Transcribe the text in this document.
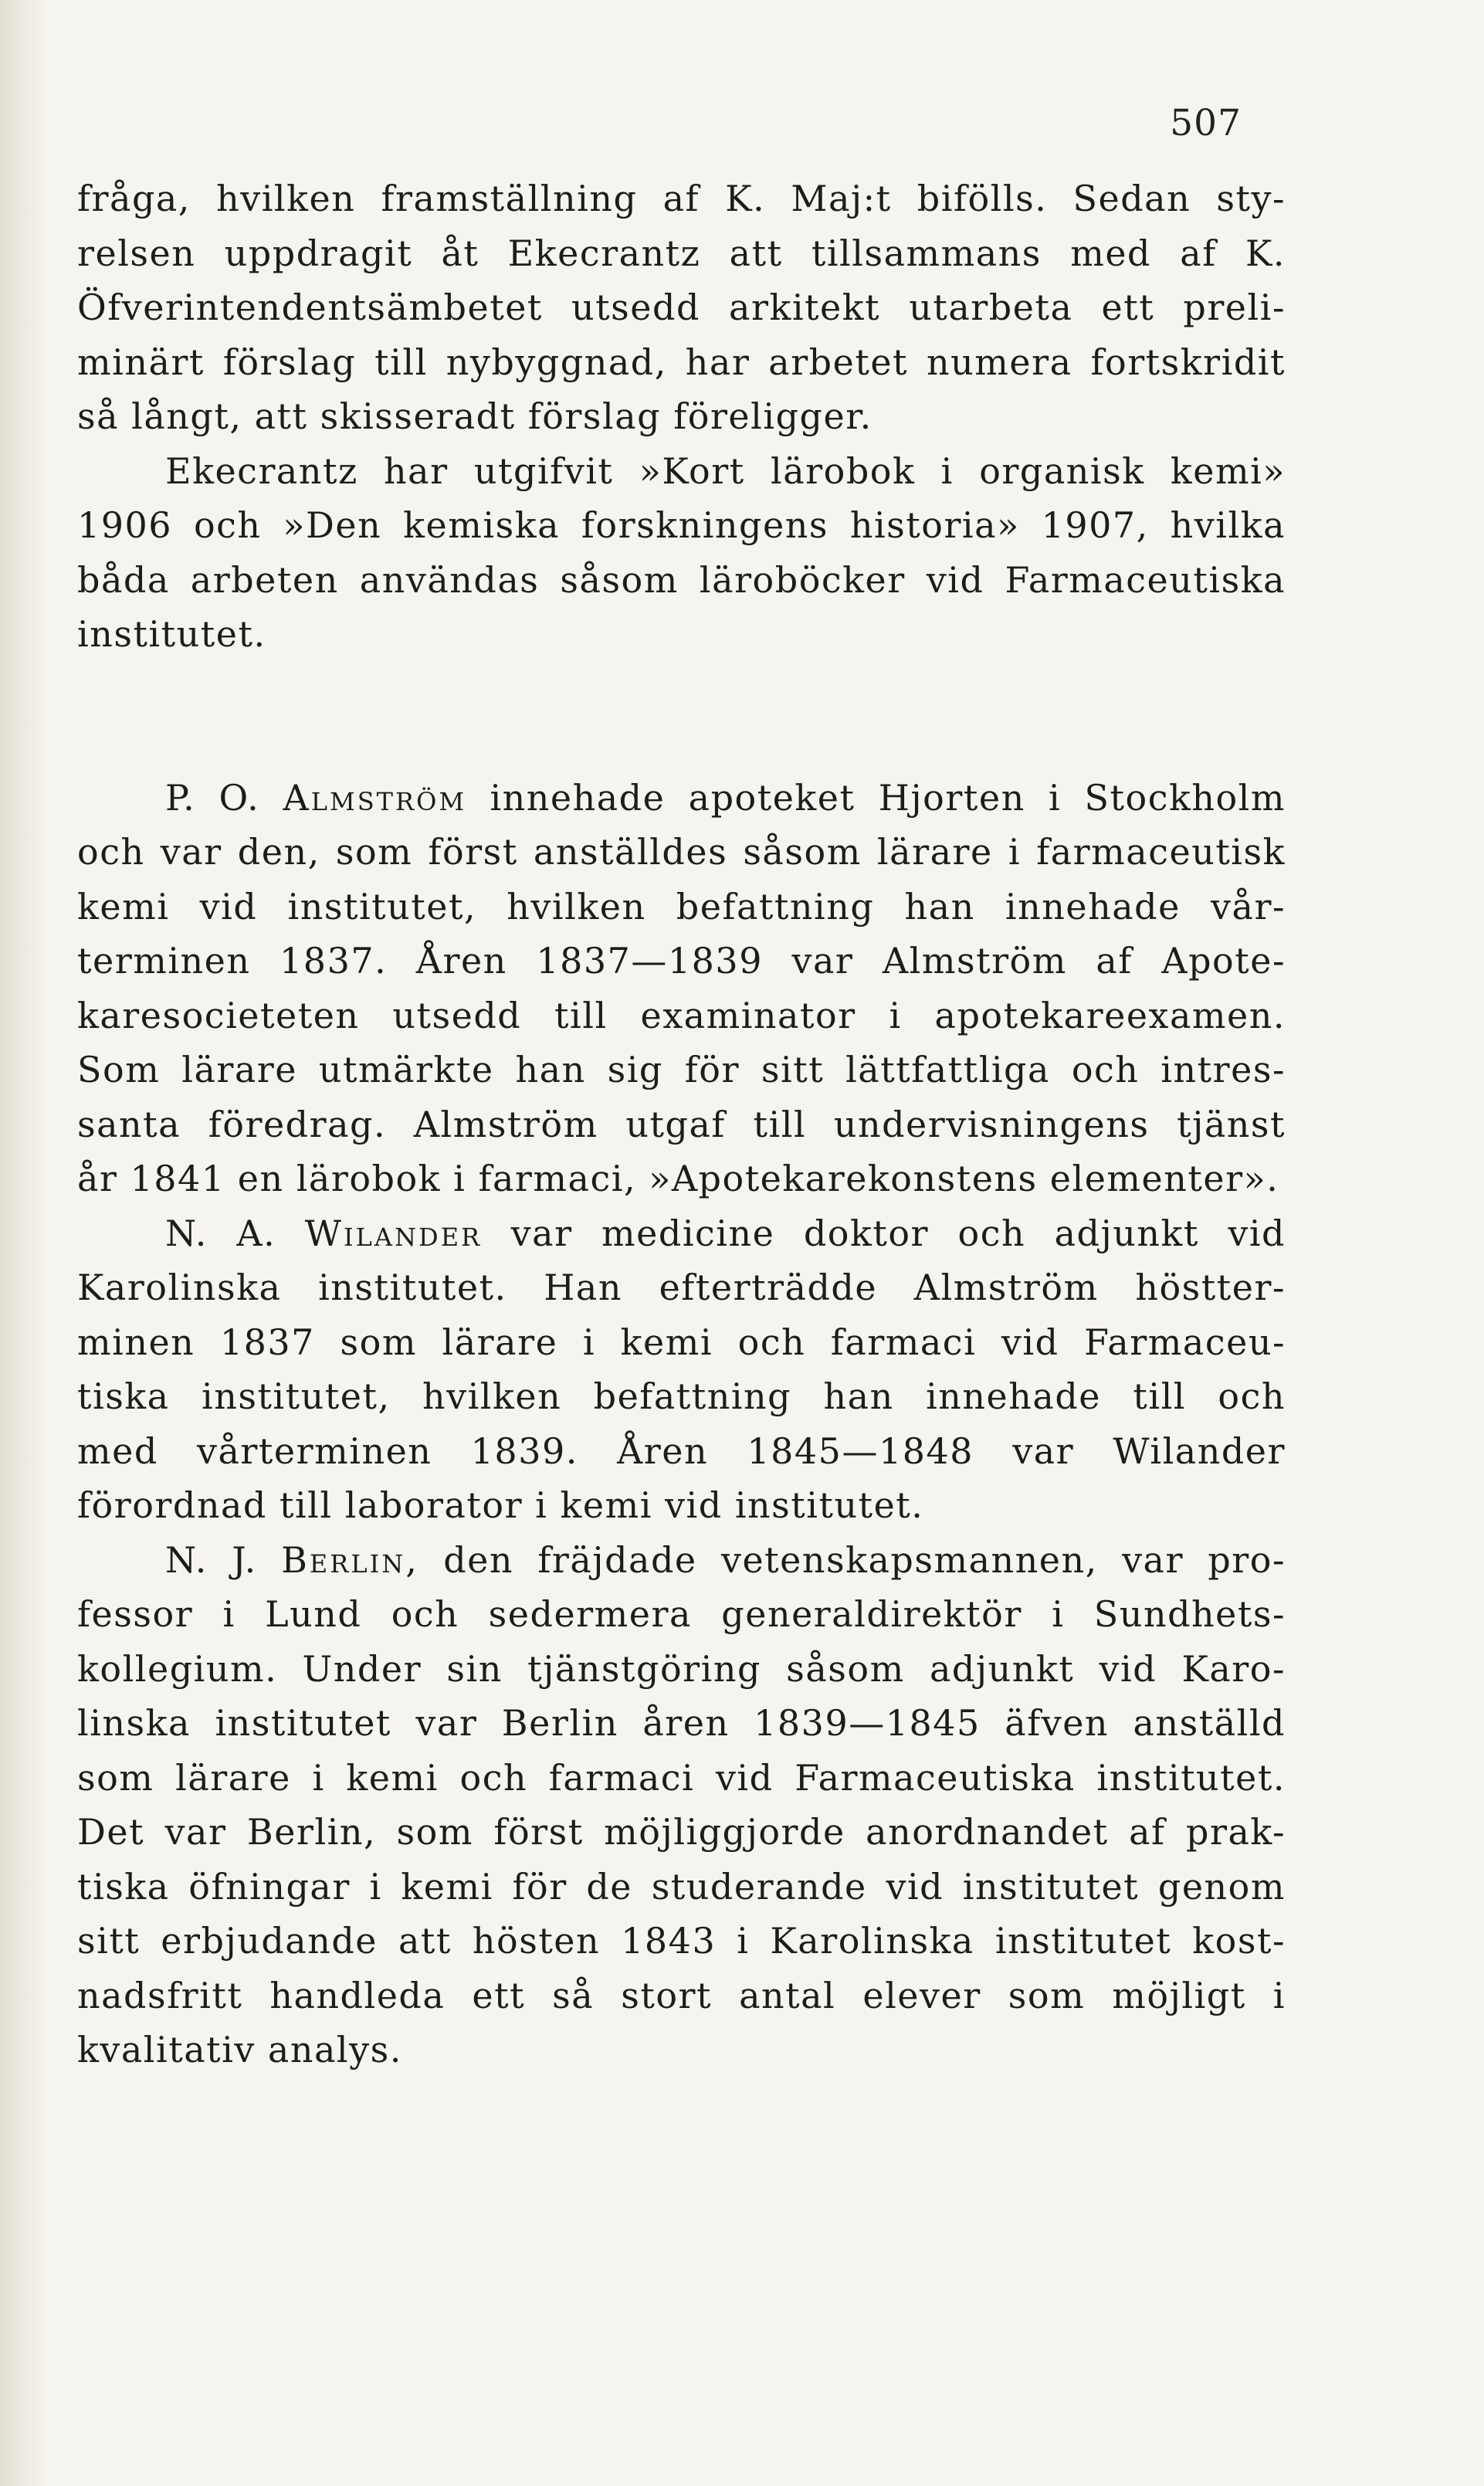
507
fråga, hvilken framställning af K. Maj:t bifölls. Sedan sty-
relsen uppdragit åt Ekecrantz att tillsammans med af K.
Öfverintendentsämbetet utsedd arkitekt utarbeta ett preli-
minärt förslag till nybyggnad, har arbetet numera fortskridit
så långt, att skisseradt förslag föreligger.
Ekecrantz har utgifvit »Kort lärobok i organisk kemi»
1906 och »Den kemiska forskningens historia» 1907, hvilka
båda arbeten användas såsom läroböcker vid Farmaceutiska
institutet.
P. O. Almström innehade apoteket Hjorten i Stockholm
och var den, som först anställdes såsom lärare i farmaceutisk
kemi vid institutet, hvilken befattning han innehade vår-
terminen 1837. Åren 1837—1839 var Almström af Apote-
karesocieteten utsedd till examinator i apotekareexamen.
Som lärare utmärkte han sig för sitt lättfattliga och intres-
santa föredrag. Almström utgaf till undervisningens tjänst
år 1841 en lärobok i farmaci, »Apotekarekonstens elementer».
N. A. Wilander var medicine doktor och adjunkt vid
Karolinska institutet. Han efterträdde Almström höstter-
minen 1837 som lärare i kemi och farmaci vid Farmaceu-
tiska institutet, hvilken befattning han innehade till och
med vårterminen 1839. Åren 1845—1848 var Wilander
förordnad till laborator i kemi vid institutet.
N. J. Berlin, den fräjdade vetenskapsmannen, var pro-
fessor i Lund och sedermera generaldirektör i Sundhets-
kollegium. Under sin tjänstgöring såsom adjunkt vid Karo-
linska institutet var Berlin åren 1839—1845 äfven anställd
som lärare i kemi och farmaci vid Farmaceutiska institutet.
Det var Berlin, som först möjliggjorde anordnandet af prak-
tiska öfningar i kemi för de studerande vid institutet genom
sitt erbjudande att hösten 1843 i Karolinska institutet kost-
nadsfritt handleda ett så stort antal elever som möjligt i
kvalitativ analys.
